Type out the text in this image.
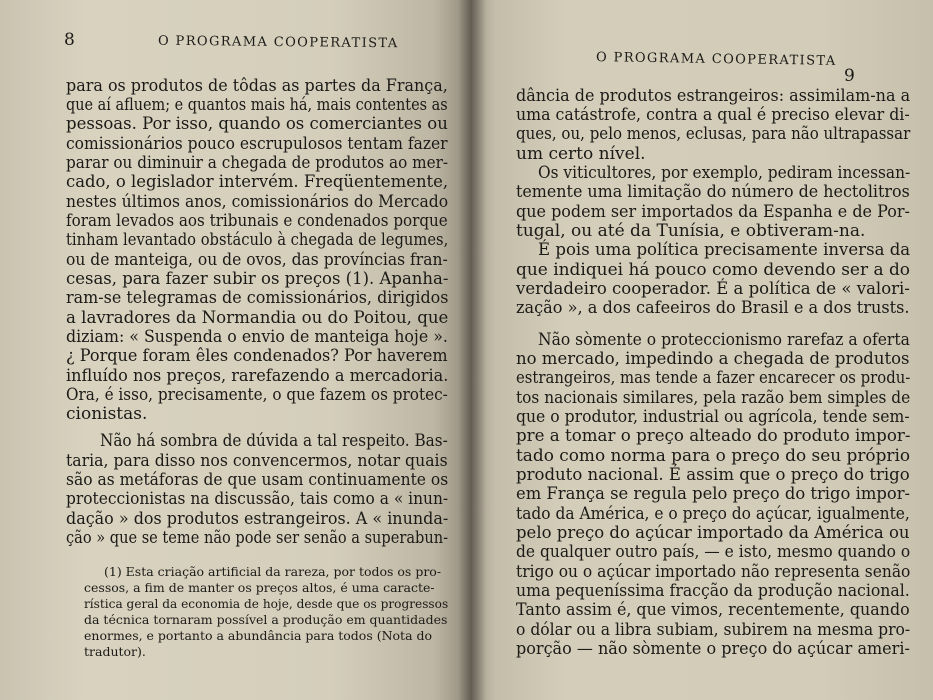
8	O PROGRAMA COOPERATISTA
para os produtos de tôdas as partes da França,
que aí afluem; e quantos mais há, mais contentes as
pessoas. Por isso, quando os comerciantes ou
comissionários pouco escrupulosos tentam fazer
parar ou diminuir a chegada de produtos ao mer-
cado, o legislador intervém. Freqüentemente,
nestes últimos anos, comissionários do Mercado
foram levados aos tribunais e condenados porque
tinham levantado obstáculo à chegada de legumes,
ou de manteiga, ou de ovos, das províncias fran-
cesas, para fazer subir os preços (1). Apanha-
ram-se telegramas de comissionários, dirigidos
a lavradores da Normandia ou do Poitou, que
diziam: « Suspenda o envio de manteiga hoje ».
¿ Porque foram êles condenados? Por haverem
influído nos preços, rarefazendo a mercadoria.
Ora, é isso, precisamente, o que fazem os protec-
cionistas.
Não há sombra de dúvida a tal respeito. Bas-
taria, para disso nos convencermos, notar quais
são as metáforas de que usam continuamente os
proteccionistas na discussão, tais como a « inun-
dação » dos produtos estrangeiros. A « inunda-
ção » que se teme não pode ser senão a superabun-
(1) Esta criação artificial da rareza, por todos os pro-
cessos, a fim de manter os preços altos, é uma caracte-
rística geral da economia de hoje, desde que os progressos
da técnica tornaram possível a produção em quantidades
enormes, e portanto a abundância para todos (Nota do
tradutor).
O PROGRAMA COOPERATISTA
9
dância de produtos estrangeiros: assimilam-na a
uma catástrofe, contra a qual é preciso elevar di-
ques, ou, pelo menos, eclusas, para não ultrapassar
um certo nível.
Os viticultores, por exemplo, pediram incessan-
temente uma limitação do número de hectolitros
que podem ser importados da Espanha e de Por-
tugal, ou até da Tunísia, e obtiveram-na.
É pois uma política precisamente inversa da
que indiquei há pouco como devendo ser a do
verdadeiro cooperador. É a política de « valori-
zação », a dos cafeeiros do Brasil e a dos trusts.
Não sòmente o proteccionismo rarefaz a oferta
no mercado, impedindo a chegada de produtos
estrangeiros, mas tende a fazer encarecer os produ-
tos nacionais similares, pela razão bem simples de
que o produtor, industrial ou agrícola, tende sem-
pre a tomar o preço alteado do produto impor-
tado como norma para o preço do seu próprio
produto nacional. É assim que o preço do trigo
em França se regula pelo preço do trigo impor-
tado da América, e o preço do açúcar, igualmente,
pelo preço do açúcar importado da América ou
de qualquer outro país, — e isto, mesmo quando o
trigo ou o açúcar importado não representa senão
uma pequeníssima fracção da produção nacional.
Tanto assim é, que vimos, recentemente, quando
o dólar ou a libra subiam, subirem na mesma pro-
porção — não sòmente o preço do açúcar ameri-
